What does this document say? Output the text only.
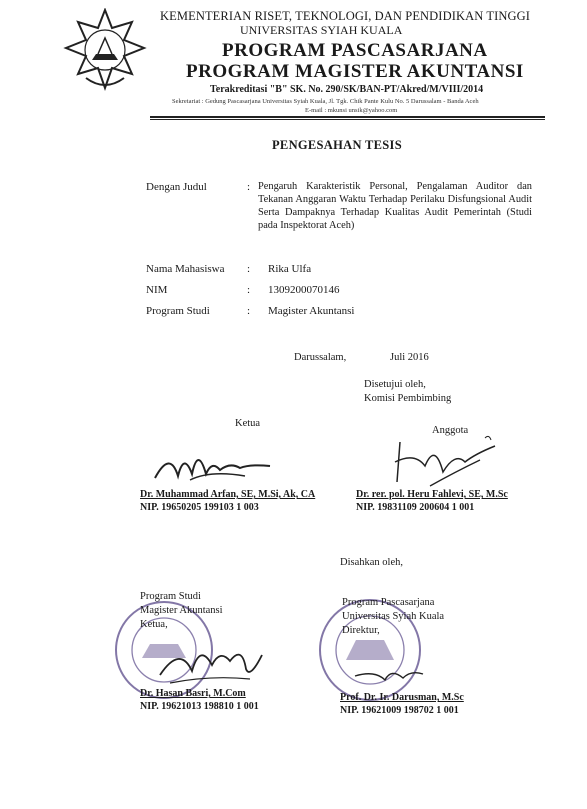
KEMENTERIAN RISET, TEKNOLOGI, DAN PENDIDIKAN TINGGI
UNIVERSITAS SYIAH KUALA
PROGRAM PASCASARJANA
PROGRAM MAGISTER AKUNTANSI
Terakreditasi "B" SK. No. 290/SK/BAN-PT/Akred/M/VIII/2014
Sekretariat : Gedung Pascasarjana Universitas Syiah Kuala, Jl. Tgk. Chik Pante Kulu No. 5 Darussalam - Banda Aceh
E-mail : mkunsi unsik@yahoo.com
PENGESAHAN TESIS
Dengan Judul	: Pengaruh Karakteristik Personal, Pengalaman Auditor dan Tekanan Anggaran Waktu Terhadap Perilaku Disfungsional Audit Serta Dampaknya Terhadap Kualitas Audit Pemerintah (Studi pada Inspektorat Aceh)
Nama Mahasiswa : Rika Ulfa
NIM	: 1309200070146
Program Studi	: Magister Akuntansi
Darussalam,	Juli 2016
Disetujui oleh,
Komisi Pembimbing
Ketua
Anggota
Dr. Muhammad Arfan, SE, M.Si, Ak, CA
NIP. 19650205 199103 1 003
Dr. rer. pol. Heru Fahlevi, SE, M.Sc
NIP. 19831109 200604 1 001
Disahkan oleh,
Program Studi
Magister Akuntansi
Ketua,
Program Pascasarjana
Universitas Syiah Kuala
Direktur,
Dr. Hasan Basri, M.Com
NIP. 19621013 198810 1 001
Prof. Dr. Ir. Darusman, M.Sc
NIP. 19621009 198702 1 001
